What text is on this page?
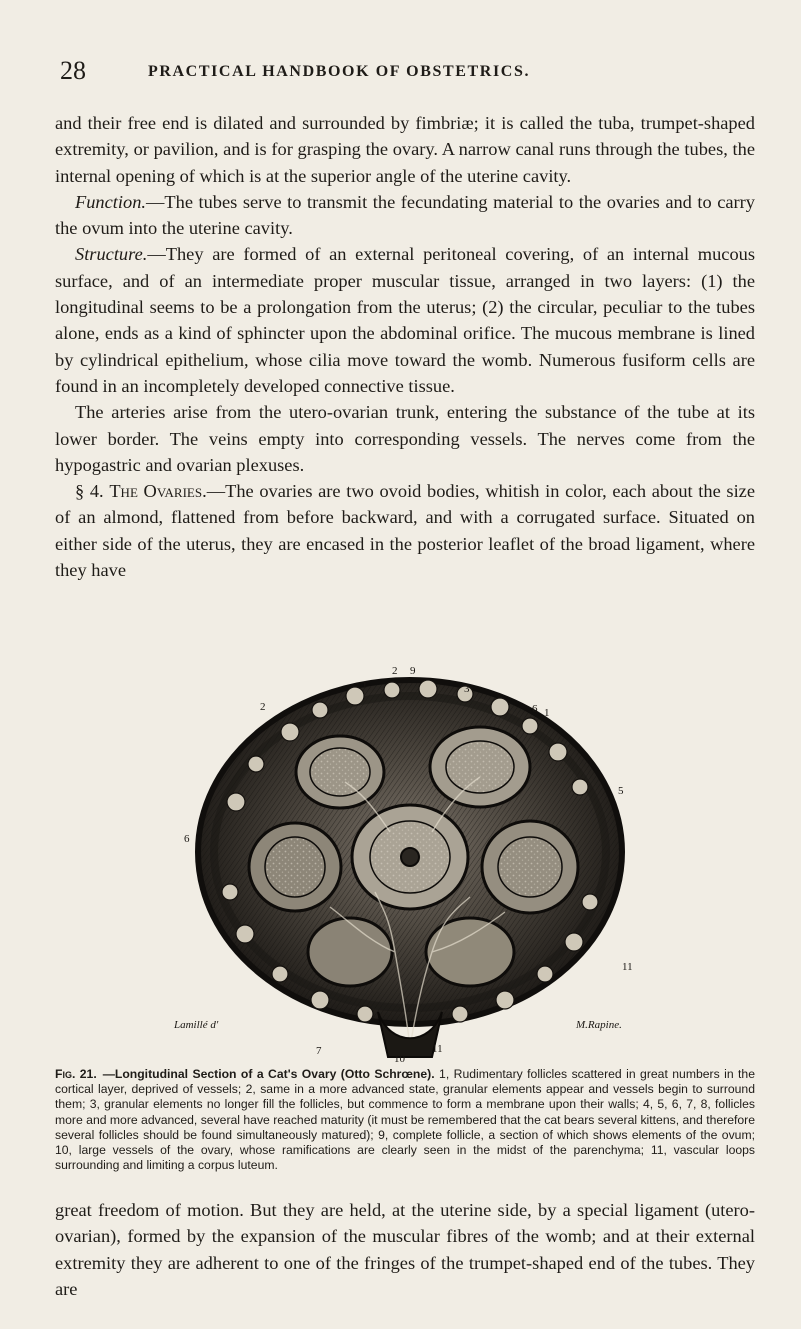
28	PRACTICAL HANDBOOK OF OBSTETRICS.

and their free end is dilated and surrounded by fimbriæ; it is called the tuba, trumpet-shaped extremity, or pavilion, and is for grasping the ovary. A narrow canal runs through the tubes, the internal opening of which is at the superior angle of the uterine cavity.

Function.—The tubes serve to transmit the fecundating material to the ovaries and to carry the ovum into the uterine cavity.

Structure.—They are formed of an external peritoneal covering, of an internal mucous surface, and of an intermediate proper muscular tissue, arranged in two layers: (1) the longitudinal seems to be a prolongation from the uterus; (2) the circular, peculiar to the tubes alone, ends as a kind of sphincter upon the abdominal orifice. The mucous membrane is lined by cylindrical epithelium, whose cilia move toward the womb. Numerous fusiform cells are found in an incompletely developed connective tissue.

The arteries arise from the utero-ovarian trunk, entering the substance of the tube at its lower border. The veins empty into corresponding vessels. The nerves come from the hypogastric and ovarian plexuses.

§ 4. The Ovaries.—The ovaries are two ovoid bodies, whitish in color, each about the size of an almond, flattened from before backward, and with a corrugated surface. Situated on either side of the uterus, they are encased in the posterior leaflet of the broad ligament, where they have

1
2
2 9
3
6 1
5
6
11
7
10
11
Lamillé d'	M.Rapine.

Fig. 21. —Longitudinal Section of a Cat's Ovary (Otto Schrœne). 1, Rudimentary follicles scattered in great numbers in the cortical layer, deprived of vessels; 2, same in a more advanced state, granular elements appear and vessels begin to surround them; 3, granular elements no longer fill the follicles, but commence to form a membrane upon their walls; 4, 5, 6, 7, 8, follicles more and more advanced, several have reached maturity (it must be remembered that the cat bears several kittens, and therefore several follicles should be found simultaneously matured); 9, complete follicle, a section of which shows elements of the ovum; 10, large vessels of the ovary, whose ramifications are clearly seen in the midst of the parenchyma; 11, vascular loops surrounding and limiting a corpus luteum.

great freedom of motion. But they are held, at the uterine side, by a special ligament (utero-ovarian), formed by the expansion of the muscular fibres of the womb; and at their external extremity they are adherent to one of the fringes of the trumpet-shaped end of the tubes. They are
